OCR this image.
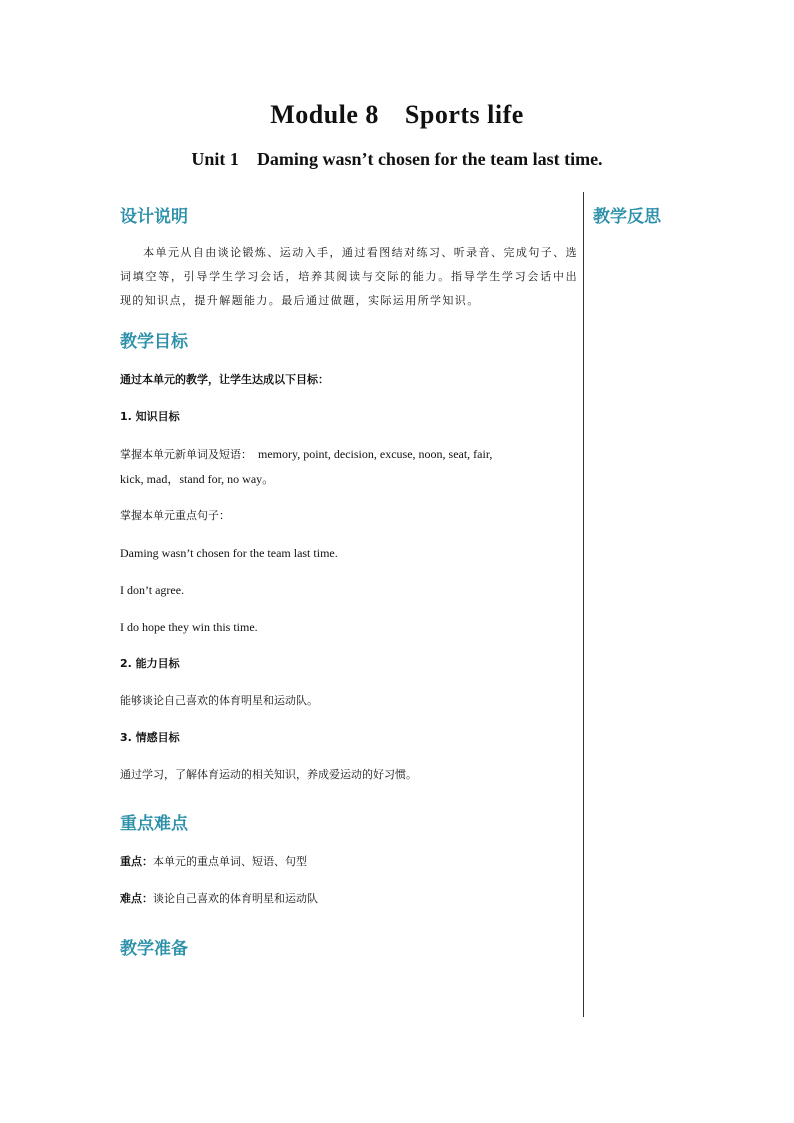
Module 8 Sports life
Unit 1 Daming wasn’t chosen for the team last time.
教学反思
设计说明

本单元从自由谈论锻炼、运动入手，通过看图结对练习、听录音、完成句子、选词填空等，引导学生学习会话，培养其阅读与交际的能力。指导学生学习会话中出现的知识点，提升解题能力。最后通过做题，实际运用所学知识。

教学目标

通过本单元的教学，让学生达成以下目标：

1. 知识目标

掌握本单元新单词及短语： memory, point, decision, excuse, noon, seat, fair,

kick, mad，stand for, no way。

掌握本单元重点句子：

Daming wasn’t chosen for the team last time.

I don’t agree.

I do hope they win this time.

2. 能力目标

能够谈论自己喜欢的体育明星和运动队。

3. 情感目标

通过学习，了解体育运动的相关知识，养成爱运动的好习惯。

重点难点

重点：本单元的重点单词、短语、句型

难点：谈论自己喜欢的体育明星和运动队

教学准备
